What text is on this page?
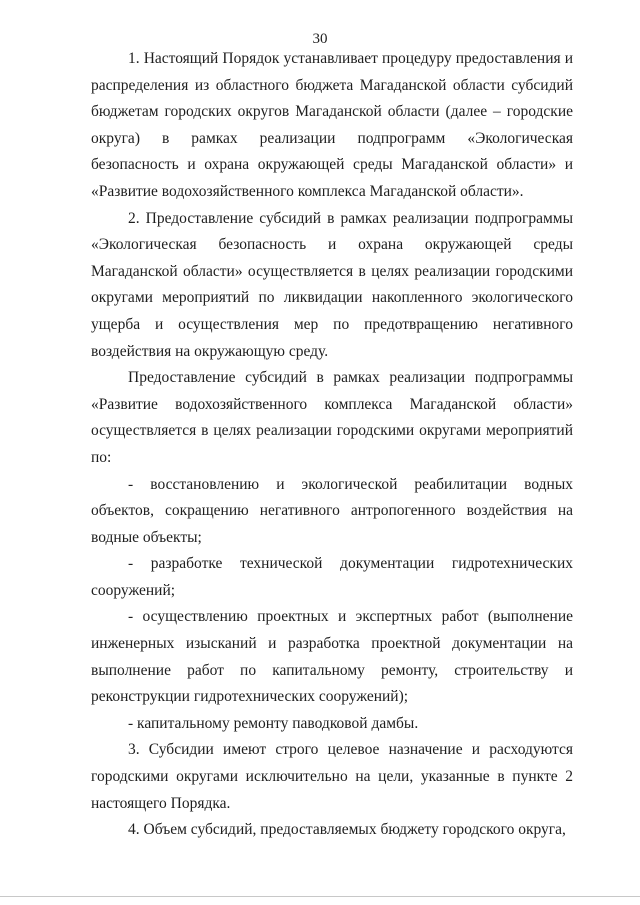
30

1. Настоящий Порядок устанавливает процедуру предоставления и распределения из областного бюджета Магаданской области субсидий бюджетам городских округов Магаданской области (далее – городские округа) в рамках реализации подпрограмм «Экологическая безопасность и охрана окружающей среды Магаданской области» и «Развитие водохозяйственного комплекса Магаданской области».

2. Предоставление субсидий в рамках реализации подпрограммы «Экологическая безопасность и охрана окружающей среды Магаданской области» осуществляется в целях реализации городскими округами мероприятий по ликвидации накопленного экологического ущерба и осуществления мер по предотвращению негативного воздействия на окружающую среду.

Предоставление субсидий в рамках реализации подпрограммы «Развитие водохозяйственного комплекса Магаданской области» осуществляется в целях реализации городскими округами мероприятий по:

- восстановлению и экологической реабилитации водных объектов, сокращению негативного антропогенного воздействия на водные объекты;

- разработке технической документации гидротехнических сооружений;

- осуществлению проектных и экспертных работ (выполнение инженерных изысканий и разработка проектной документации на выполнение работ по капитальному ремонту, строительству и реконструкции гидротехнических сооружений);

- капитальному ремонту паводковой дамбы.

3. Субсидии имеют строго целевое назначение и расходуются городскими округами исключительно на цели, указанные в пункте 2 настоящего Порядка.

4. Объем субсидий, предоставляемых бюджету городского округа,
